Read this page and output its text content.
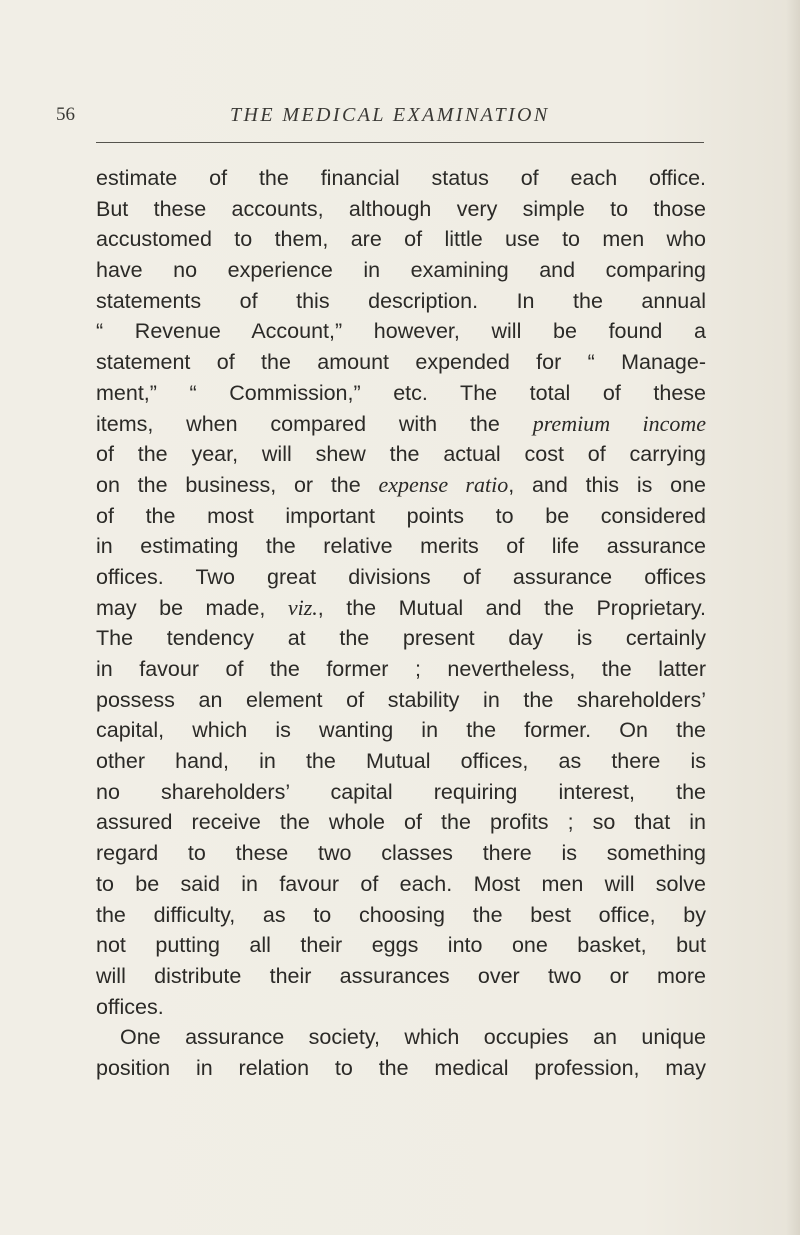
56	THE MEDICAL EXAMINATION
estimate of the financial status of each office.
But these accounts, although very simple to those
accustomed to them, are of little use to men who
have no experience in examining and comparing
statements of this description. In the annual
“ Revenue Account,” however, will be found a
statement of the amount expended for “ Manage-
ment,” “ Commission,” etc. The total of these
items, when compared with the premium income
of the year, will shew the actual cost of carrying
on the business, or the expense ratio, and this is one
of the most important points to be considered
in estimating the relative merits of life assurance
offices. Two great divisions of assurance offices
may be made, viz., the Mutual and the Proprietary.
The tendency at the present day is certainly
in favour of the former ; nevertheless, the latter
possess an element of stability in the shareholders’
capital, which is wanting in the former. On the
other hand, in the Mutual offices, as there is
no shareholders’ capital requiring interest, the
assured receive the whole of the profits ; so that in
regard to these two classes there is something
to be said in favour of each. Most men will solve
the difficulty, as to choosing the best office, by
not putting all their eggs into one basket, but
will distribute their assurances over two or more
offices.
One assurance society, which occupies an unique
position in relation to the medical profession, may
